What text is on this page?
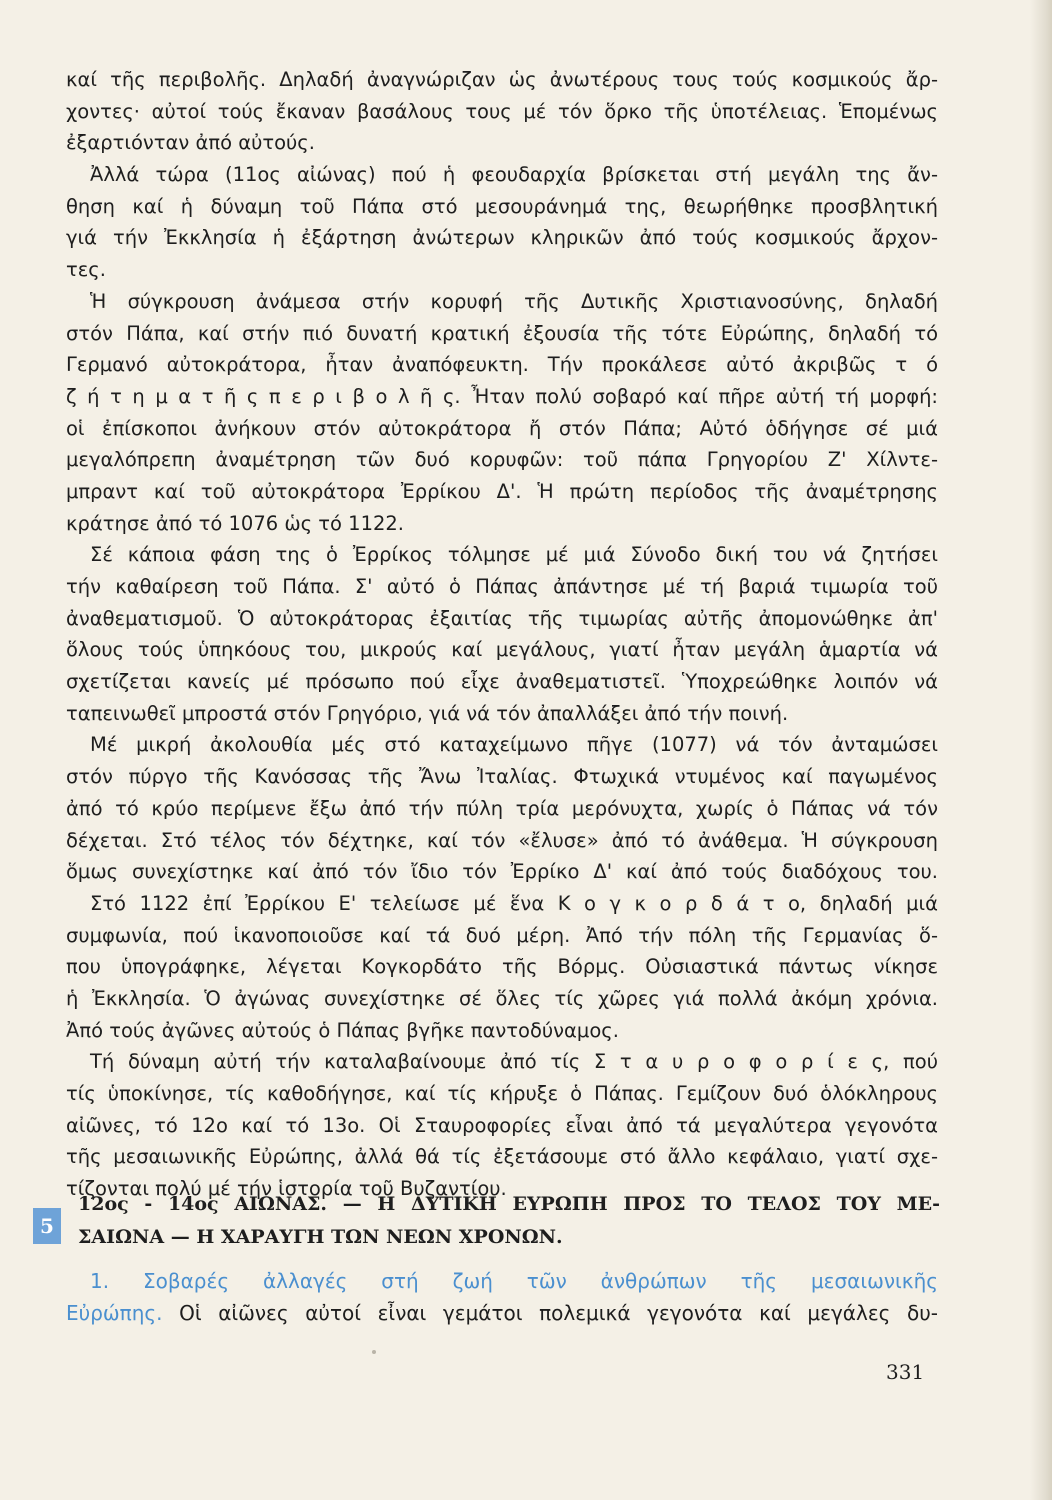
καί τῆς περιβολῆς. Δηλαδή ἀναγνώριζαν ὡς ἀνωτέρους τους τούς κοσμικούς ἄρ-
χοντες· αὐτοί τούς ἔκαναν βασάλους τους μέ τόν ὅρκο τῆς ὑποτέλειας. Ἑπομένως
ἐξαρτιόνταν ἀπό αὐτούς.
Ἀλλά τώρα (11ος αἰώνας) πού ἡ φεουδαρχία βρίσκεται στή μεγάλη της ἄν-
θηση καί ἡ δύναμη τοῦ Πάπα στό μεσουράνημά της, θεωρήθηκε προσβλητική
γιά τήν Ἐκκλησία ἡ ἐξάρτηση ἀνώτερων κληρικῶν ἀπό τούς κοσμικούς ἄρχον-
τες.
Ἡ σύγκρουση ἀνάμεσα στήν κορυφή τῆς Δυτικῆς Χριστιανοσύνης, δηλαδή
στόν Πάπα, καί στήν πιό δυνατή κρατική ἐξουσία τῆς τότε Εὐρώπης, δηλαδή τό
Γερμανό αὐτοκράτορα, ἦταν ἀναπόφευκτη. Τήν προκάλεσε αὐτό ἀκριβῶς τ ό
ζ ή τ η μ α τ ῆ ς π ε ρ ι β ο λ ῆ ς. Ἦταν πολύ σοβαρό καί πῆρε αὐτή τή μορφή:
οἱ ἐπίσκοποι ἀνήκουν στόν αὐτοκράτορα ἤ στόν Πάπα; Αὐτό ὁδήγησε σέ μιά
μεγαλόπρεπη ἀναμέτρηση τῶν δυό κορυφῶν: τοῦ πάπα Γρηγορίου Ζ' Χίλντε-
μπραντ καί τοῦ αὐτοκράτορα Ἐρρίκου Δ'. Ἡ πρώτη περίοδος τῆς ἀναμέτρησης
κράτησε ἀπό τό 1076 ὡς τό 1122.
Σέ κάποια φάση της ὁ Ἐρρίκος τόλμησε μέ μιά Σύνοδο δική του νά ζητήσει
τήν καθαίρεση τοῦ Πάπα. Σ' αὐτό ὁ Πάπας ἀπάντησε μέ τή βαριά τιμωρία τοῦ
ἀναθεματισμοῦ. Ὁ αὐτοκράτορας ἐξαιτίας τῆς τιμωρίας αὐτῆς ἀπομονώθηκε ἀπ'
ὅλους τούς ὑπηκόους του, μικρούς καί μεγάλους, γιατί ἦταν μεγάλη ἁμαρτία νά
σχετίζεται κανείς μέ πρόσωπο πού εἶχε ἀναθεματιστεῖ. Ὑποχρεώθηκε λοιπόν νά
ταπεινωθεῖ μπροστά στόν Γρηγόριο, γιά νά τόν ἀπαλλάξει ἀπό τήν ποινή.
Μέ μικρή ἀκολουθία μές στό καταχείμωνο πῆγε (1077) νά τόν ἀνταμώσει
στόν πύργο τῆς Κανόσσας τῆς Ἄνω Ἰταλίας. Φτωχικά ντυμένος καί παγωμένος
ἀπό τό κρύο περίμενε ἔξω ἀπό τήν πύλη τρία μερόνυχτα, χωρίς ὁ Πάπας νά τόν
δέχεται. Στό τέλος τόν δέχτηκε, καί τόν «ἔλυσε» ἀπό τό ἀνάθεμα. Ἡ σύγκρουση
ὅμως συνεχίστηκε καί ἀπό τόν ἴδιο τόν Ἐρρίκο Δ' καί ἀπό τούς διαδόχους του.
Στό 1122 ἐπί Ἐρρίκου Ε' τελείωσε μέ ἕνα Κ ο γ κ ο ρ δ ά τ ο, δηλαδή μιά
συμφωνία, πού ἱκανοποιοῦσε καί τά δυό μέρη. Ἀπό τήν πόλη τῆς Γερμανίας ὅ-
που ὑπογράφηκε, λέγεται Κογκορδάτο τῆς Βόρμς. Οὐσιαστικά πάντως νίκησε
ἡ Ἐκκλησία. Ὁ ἀγώνας συνεχίστηκε σέ ὅλες τίς χῶρες γιά πολλά ἀκόμη χρόνια.
Ἀπό τούς ἀγῶνες αὐτούς ὁ Πάπας βγῆκε παντοδύναμος.
Τή δύναμη αὐτή τήν καταλαβαίνουμε ἀπό τίς Σ τ α υ ρ ο φ ο ρ ί ε ς, πού
τίς ὑποκίνησε, τίς καθοδήγησε, καί τίς κήρυξε ὁ Πάπας. Γεμίζουν δυό ὁλόκληρους
αἰῶνες, τό 12ο καί τό 13ο. Οἱ Σταυροφορίες εἶναι ἀπό τά μεγαλύτερα γεγονότα
τῆς μεσαιωνικῆς Εὐρώπης, ἀλλά θά τίς ἐξετάσουμε στό ἄλλο κεφάλαιο, γιατί σχε-
τίζονται πολύ μέ τήν ἱστορία τοῦ Βυζαντίου.
5
12ος - 14ος ΑΙΩΝΑΣ. — Η ΔΥΤΙΚΗ ΕΥΡΩΠΗ ΠΡΟΣ ΤΟ ΤΕΛΟΣ ΤΟΥ ΜΕ-
ΣΑΙΩΝΑ — Η ΧΑΡΑΥΓΗ ΤΩΝ ΝΕΩΝ ΧΡΟΝΩΝ.
1. Σοβαρές ἀλλαγές στή ζωή τῶν ἀνθρώπων τῆς μεσαιωνικῆς
Εὐρώπης. Οἱ αἰῶνες αὐτοί εἶναι γεμάτοι πολεμικά γεγονότα καί μεγάλες δυ-
331
